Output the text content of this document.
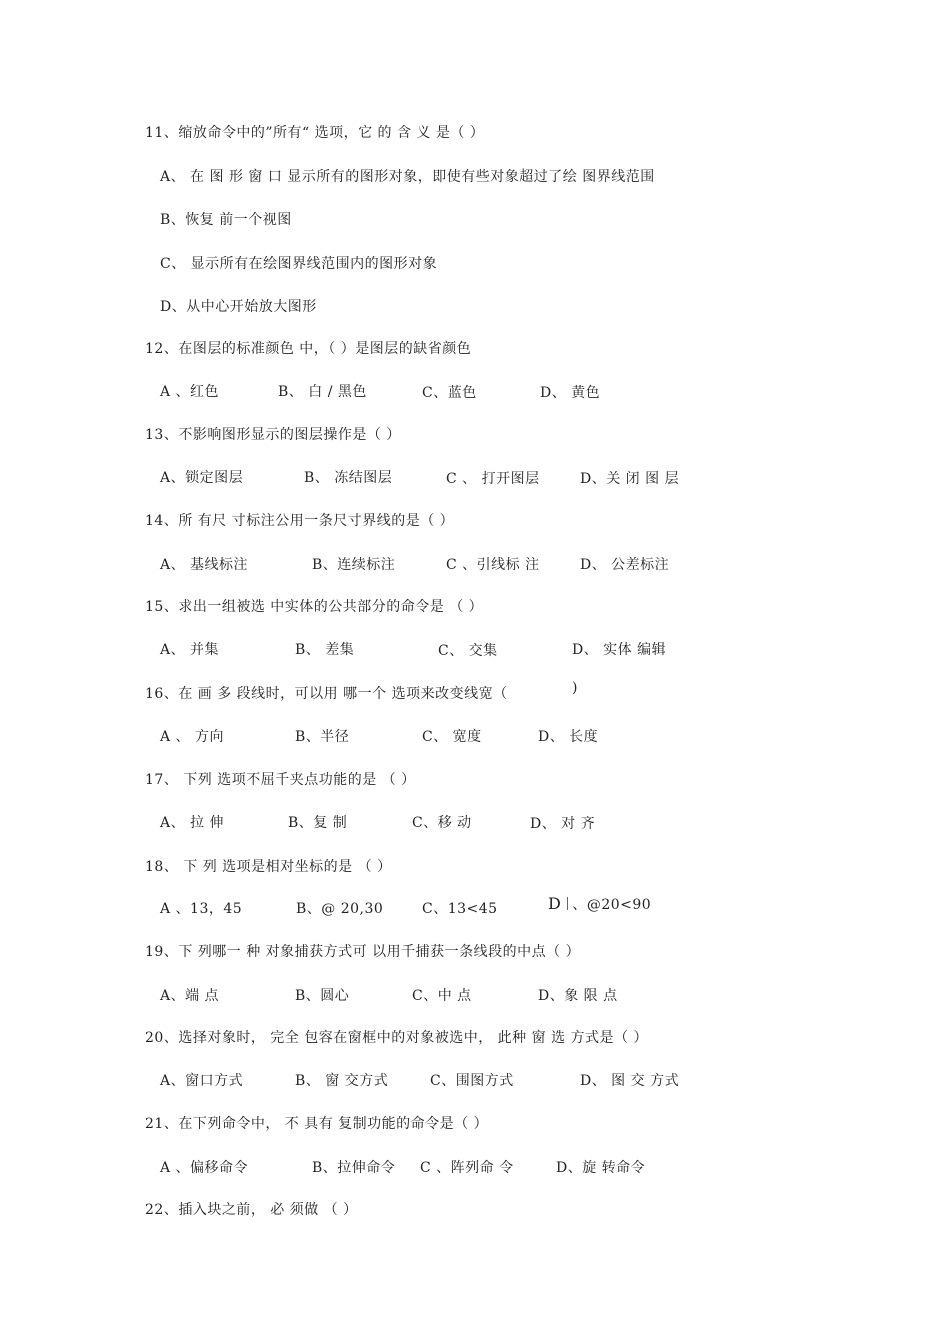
11、缩放命令中的”所有“ 选项，它 的 含 义 是（ ）
A、 在 图 形 窗 口 显示所有的图形对象，即使有些对象超过了绘 图界线范围
B、恢复 前一个视图
C、 显示所有在绘图界线范围内的图形对象
D、从中心开始放大图形
12、在图层的标准颜色 中，（ ）是图层的缺省颜色
A 、红色	B、 白 / 黑色	C、蓝色	D、 黄色
13、不影响图形显示的图层操作是（ ）
A、锁定图层	B、 冻结图层	C 、 打开图层	D、关 闭 图 层
14、所 有尺 寸标注公用一条尺寸界线的是（ ）
A、 基线标注	B、连续标注	C 、引线标 注	D、 公差标注
15、求出一组被选 中实体的公共部分的命令是 （ ）
A、 并集	B、 差集	C、 交集	D、 实体 编辑
16、在 画 多 段线时，可以用 哪一个 选项来改变线宽（	)
A 、 方向	B、半径	C、 宽度	D、 长度
17、 下列 选项不屈千夹点功能的是 （ ）
A、 拉 伸	B、复 制	C、移 动	D、 对 齐
18、 下 列 选项是相对坐标的是 （ ）
A 、13，45	B、@ 20,30	C、13<45	D 、@20<90
19、下 列哪一 种 对象捕获方式可 以用千捕获一条线段的中点（ ）
A、端 点	B、圆心	C、中 点	D、象 限 点
20、选择对象时， 完全 包容在窗框中的对象被选中， 此种 窗 选 方式是（ ）
A、窗口方式	B、 窗 交方式	C、围图方式	D、 图 交 方式
21、在下列命令中， 不 具有 复制功能的命令是（ ）
A 、偏移命令	B、拉伸命令 C 、阵列命 令	D、旋 转命令
22、插入块之前， 必 须做 （ ）
